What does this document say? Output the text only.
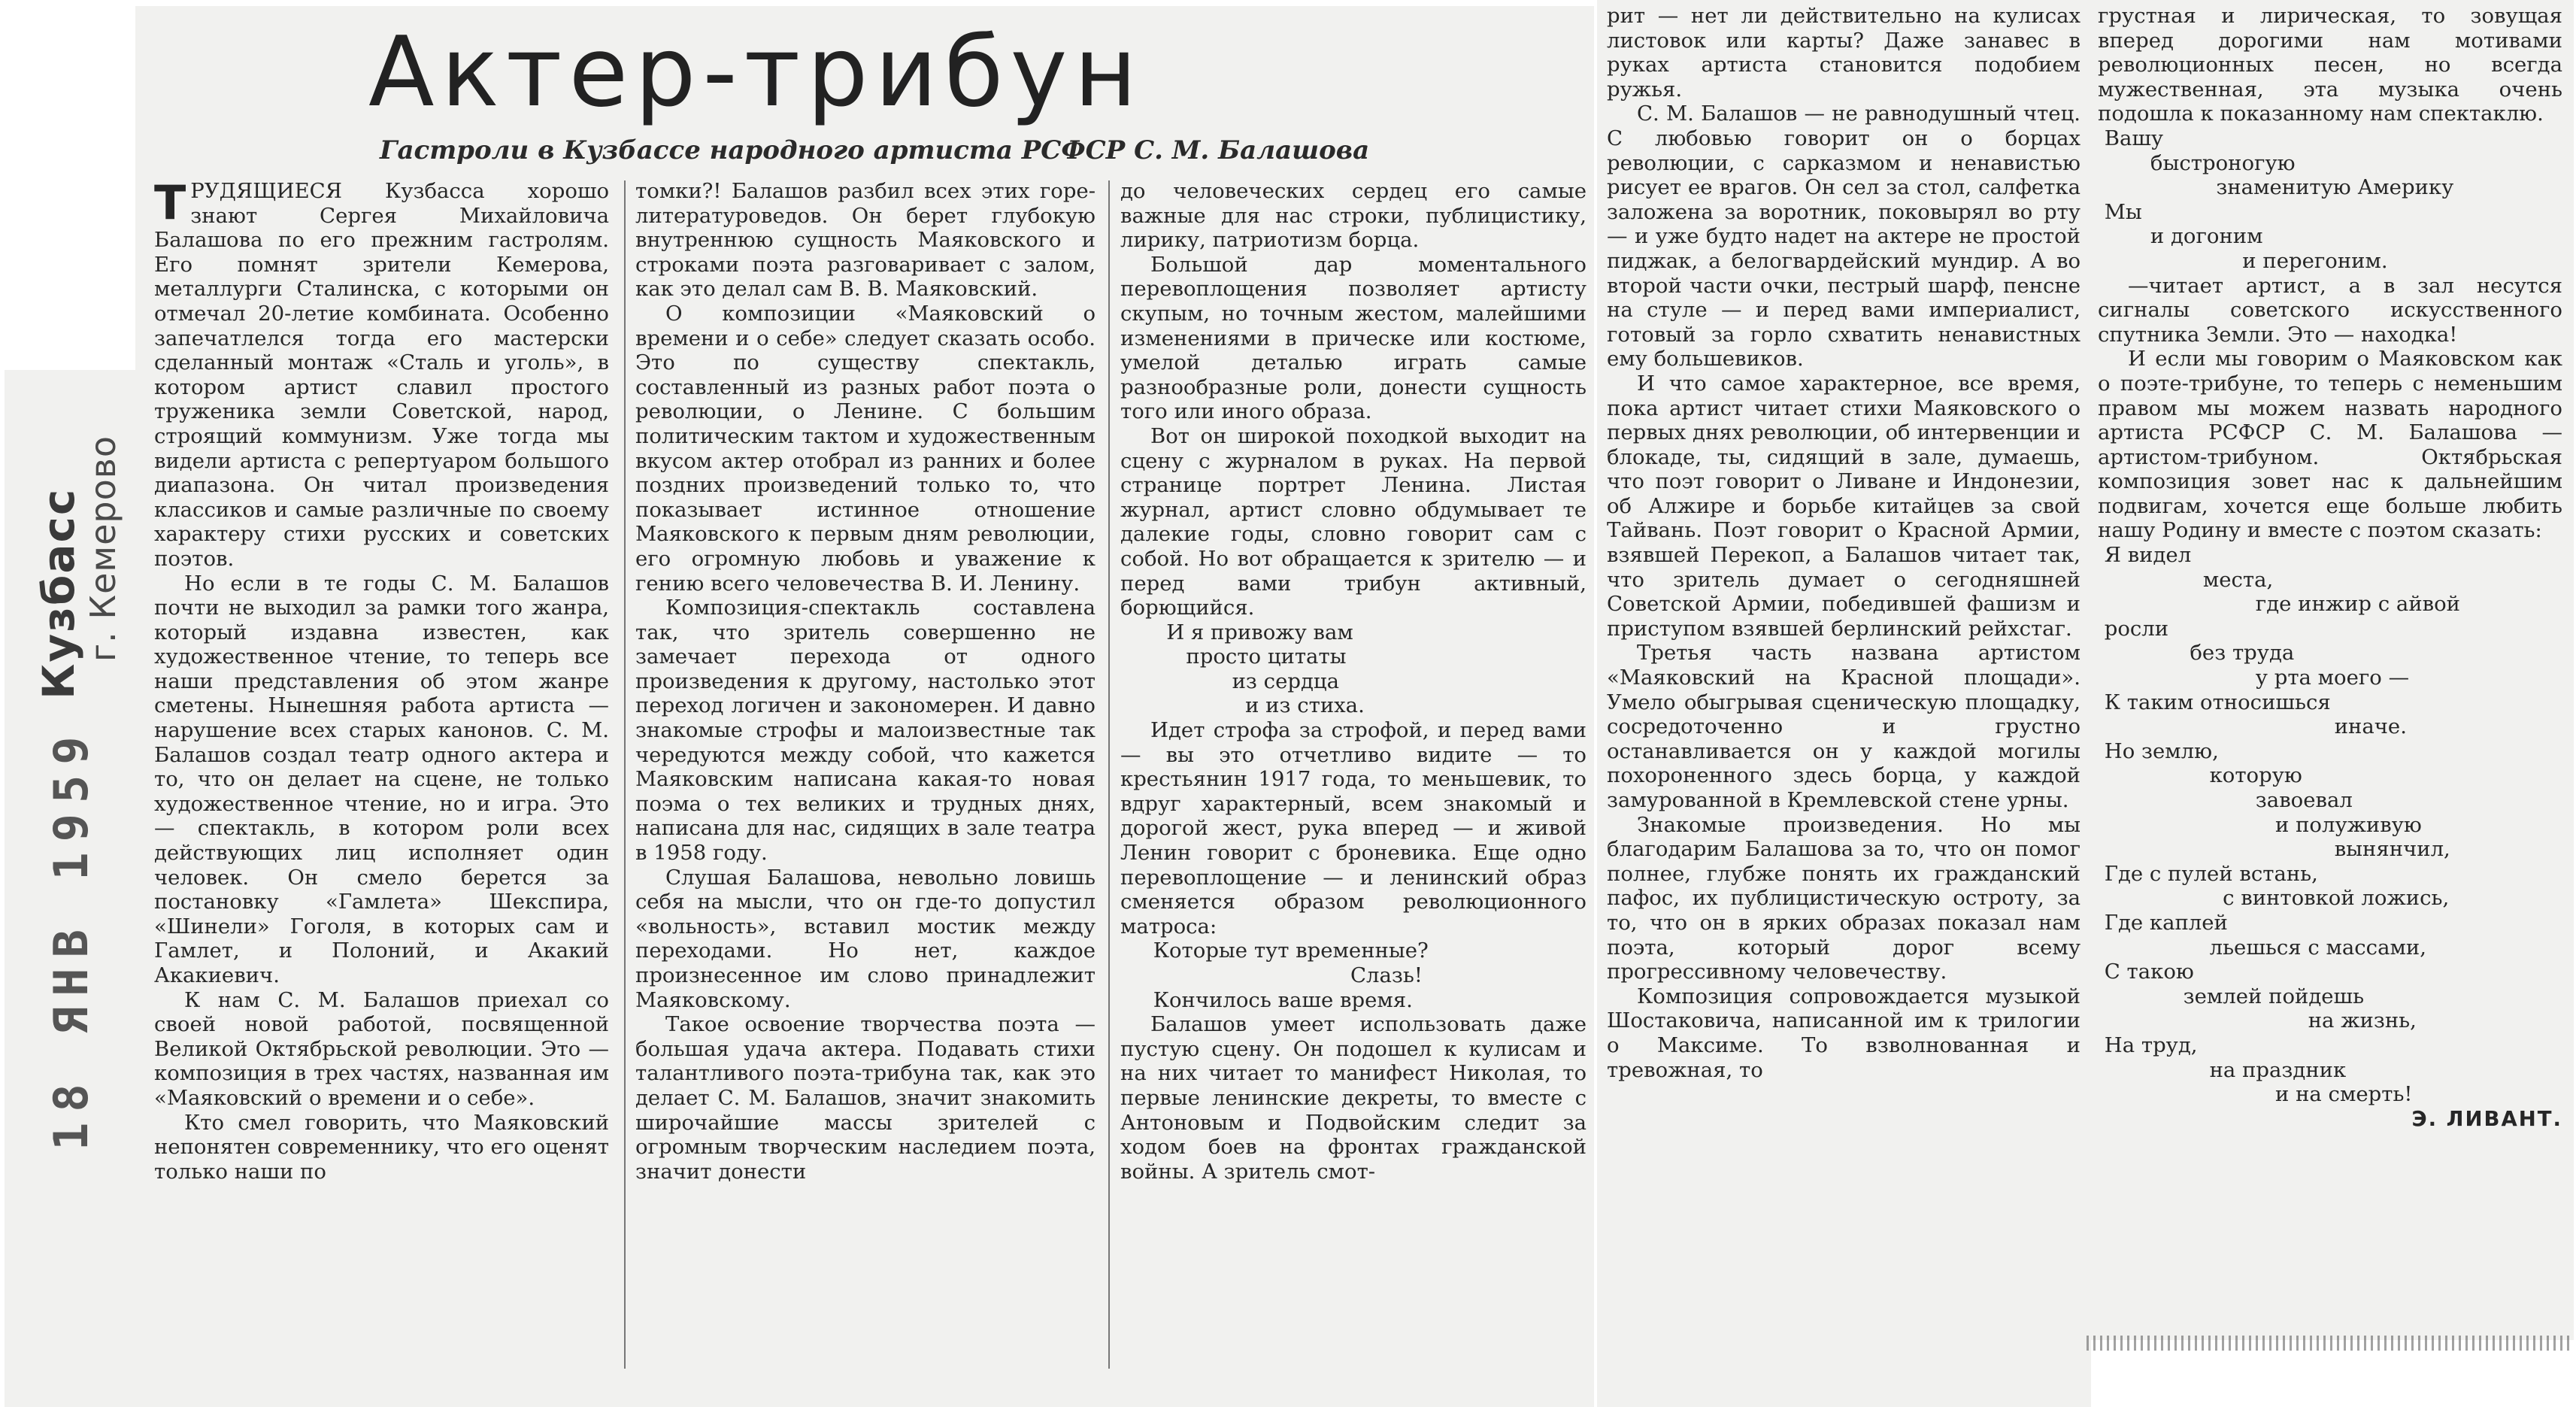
Кузбасс
г. Кемерово
18 ЯНВ 1959
Актер-трибун
Гастроли в Кузбассе народного артиста РСФСР С. М. Балашова

ТРУДЯЩИЕСЯ Кузбасса хорошо знают Сергея Михайловича Балашова по его прежним гастролям. Его помнят зрители Кемерова, металлурги Сталинска, с которыми он отмечал 20-летие комбината. Особенно запечатлелся тогда его мастерски сделанный монтаж «Сталь и уголь», в котором артист славил простого труженика земли Советской, народ, строящий коммунизм. Уже тогда мы видели артиста с репертуаром большого диапазона. Он читал произведения классиков и самые различные по своему характеру стихи русских и советских поэтов.

Но если в те годы С. М. Балашов почти не выходил за рамки того жанра, который издавна известен, как художественное чтение, то теперь все наши представления об этом жанре сметены. Нынешняя работа артиста — нарушение всех старых канонов. С. М. Балашов создал театр одного актера и то, что он делает на сцене, не только художественное чтение, но и игра. Это — спектакль, в котором роли всех действующих лиц исполняет один человек. Он смело берется за постановку «Гамлета» Шекспира, «Шинели» Гоголя, в которых сам и Гамлет, и Полоний, и Акакий Акакиевич.

К нам С. М. Балашов приехал со своей новой работой, посвященной Великой Октябрьской революции. Это — композиция в трех частях, названная им «Маяковский о времени и о себе».

Кто смел говорить, что Маяковский непонятен современнику, что его оценят только наши по

томки?! Балашов разбил всех этих горе-литературоведов. Он берет глубокую внутреннюю сущность Маяковского и строками поэта разговаривает с залом, как это делал сам В. В. Маяковский.

О композиции «Маяковский о времени и о себе» следует сказать особо. Это по существу спектакль, составленный из разных работ поэта о революции, о Ленине. С большим политическим тактом и художественным вкусом актер отобрал из ранних и более поздних произведений только то, что показывает истинное отношение Маяковского к первым дням революции, его огромную любовь и уважение к гению всего человечества В. И. Ленину.

Композиция-спектакль составлена так, что зритель совершенно не замечает перехода от одного произведения к другому, настолько этот переход логичен и закономерен. И давно знакомые строфы и малоизвестные так чередуются между собой, что кажется Маяковским написана какая-то новая поэма о тех великих и трудных днях, написана для нас, сидящих в зале театра в 1958 году.

Слушая Балашова, невольно ловишь себя на мысли, что он где-то допустил «вольность», вставил мостик между переходами. Но нет, каждое произнесенное им слово принадлежит Маяковскому.

Такое освоение творчества поэта — большая удача актера. Подавать стихи талантливого поэта-трибуна так, как это делает С. М. Балашов, значит знакомить широчайшие массы зрителей с огромным творческим наследием поэта, значит донести

до человеческих сердец его самые важные для нас строки, публицистику, лирику, патриотизм борца.

Большой дар моментального перевоплощения позволяет артисту скупым, но точным жестом, малейшими изменениями в прическе или костюме, умелой деталью играть самые разнообразные роли, донести сущность того или иного образа.

Вот он широкой походкой выходит на сцену с журналом в руках. На первой странице портрет Ленина. Листая журнал, артист словно обдумывает те далекие годы, словно говорит сам с собой. Но вот обращается к зрителю — и перед вами трибун активный, борющийся.

И я привожу вам
просто цитаты
из сердца
и из стиха.

Идет строфа за строфой, и перед вами — вы это отчетливо видите — то крестьянин 1917 года, то меньшевик, то вдруг характерный, всем знакомый и дорогой жест, рука вперед — и живой Ленин говорит с броневика. Еще одно перевоплощение — и ленинский образ сменяется образом революционного матроса:

Которые тут временные?
Слазь!
Кончилось ваше время.

Балашов умеет использовать даже пустую сцену. Он подошел к кулисам и на них читает то манифест Николая, то первые ленинские декреты, то вместе с Антоновым и Подвойским следит за ходом боев на фронтах гражданской войны. А зритель смот-

рит — нет ли действительно на кулисах листовок или карты? Даже занавес в руках артиста становится подобием ружья.

С. М. Балашов — не равнодушный чтец. С любовью говорит он о борцах революции, с сарказмом и ненавистью рисует ее врагов. Он сел за стол, салфетка заложена за воротник, поковырял во рту — и уже будто надет на актере не простой пиджак, а белогвардейский мундир. А во второй части очки, пестрый шарф, пенсне на стуле — и перед вами империалист, готовый за горло схватить ненавистных ему большевиков.

И что самое характерное, все время, пока артист читает стихи Маяковского о первых днях революции, об интервенции и блокаде, ты, сидящий в зале, думаешь, что поэт говорит о Ливане и Индонезии, об Алжире и борьбе китайцев за свой Тайвань. Поэт говорит о Красной Армии, взявшей Перекоп, а Балашов читает так, что зритель думает о сегодняшней Советской Армии, победившей фашизм и приступом взявшей берлинский рейхстаг.

Третья часть названа артистом «Маяковский на Красной площади». Умело обыгрывая сценическую площадку, сосредоточенно и грустно останавливается он у каждой могилы похороненного здесь борца, у каждой замурованной в Кремлевской стене урны.

Знакомые произведения. Но мы благодарим Балашова за то, что он помог полнее, глубже понять их гражданский пафос, их публицистическую остроту, за то, что он в ярких образах показал нам поэта, который дорог всему прогрессивному человечеству.

Композиция сопровождается музыкой Шостаковича, написанной им к трилогии о Максиме. То взволнованная и тревожная, то

грустная и лирическая, то зовущая вперед дорогими нам мотивами революционных песен, но всегда мужественная, эта музыка очень подошла к показанному нам спектаклю.

Вашу
быстроногую
знаменитую Америку
Мы
и догоним
и перегоним.

—читает артист, а в зал несутся сигналы советского искусственного спутника Земли. Это — находка!

И если мы говорим о Маяковском как о поэте-трибуне, то теперь с неменьшим правом мы можем назвать народного артиста РСФСР С. М. Балашова — артистом-трибуном. Октябрьская композиция зовет нас к дальнейшим подвигам, хочется еще больше любить нашу Родину и вместе с поэтом сказать:

Я видел
места,
где инжир с айвой
росли
без труда
у рта моего —
К таким относишься
иначе.
Но землю,
которую
завоевал
и полуживую
вынянчил,
Где с пулей встань,
с винтовкой ложись,
Где каплей
льешься с массами,
С такою
землей пойдешь
на жизнь,
На труд,
на праздник
и на смерть!

Э. ЛИВАНТ.
